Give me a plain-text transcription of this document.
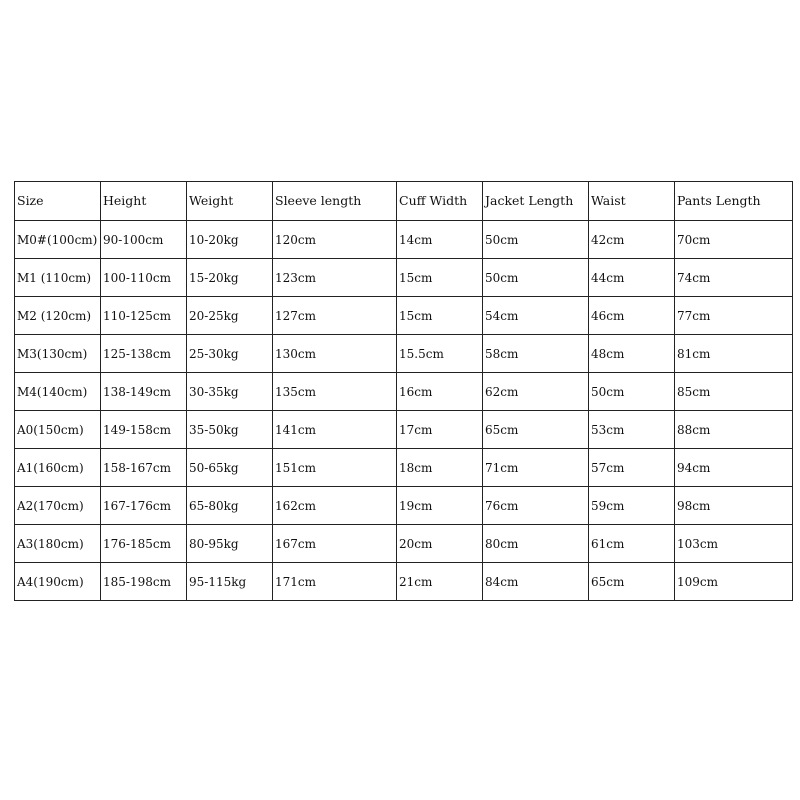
Size	Height	Weight	Sleeve length	Cuff Width	Jacket Length	Waist	Pants Length
M0#(100cm)	90-100cm	10-20kg	120cm	14cm	50cm	42cm	70cm
M1 (110cm)	100-110cm	15-20kg	123cm	15cm	50cm	44cm	74cm
M2 (120cm)	110-125cm	20-25kg	127cm	15cm	54cm	46cm	77cm
M3(130cm)	125-138cm	25-30kg	130cm	15.5cm	58cm	48cm	81cm
M4(140cm)	138-149cm	30-35kg	135cm	16cm	62cm	50cm	85cm
A0(150cm)	149-158cm	35-50kg	141cm	17cm	65cm	53cm	88cm
A1(160cm)	158-167cm	50-65kg	151cm	18cm	71cm	57cm	94cm
A2(170cm)	167-176cm	65-80kg	162cm	19cm	76cm	59cm	98cm
A3(180cm)	176-185cm	80-95kg	167cm	20cm	80cm	61cm	103cm
A4(190cm)	185-198cm	95-115kg	171cm	21cm	84cm	65cm	109cm
